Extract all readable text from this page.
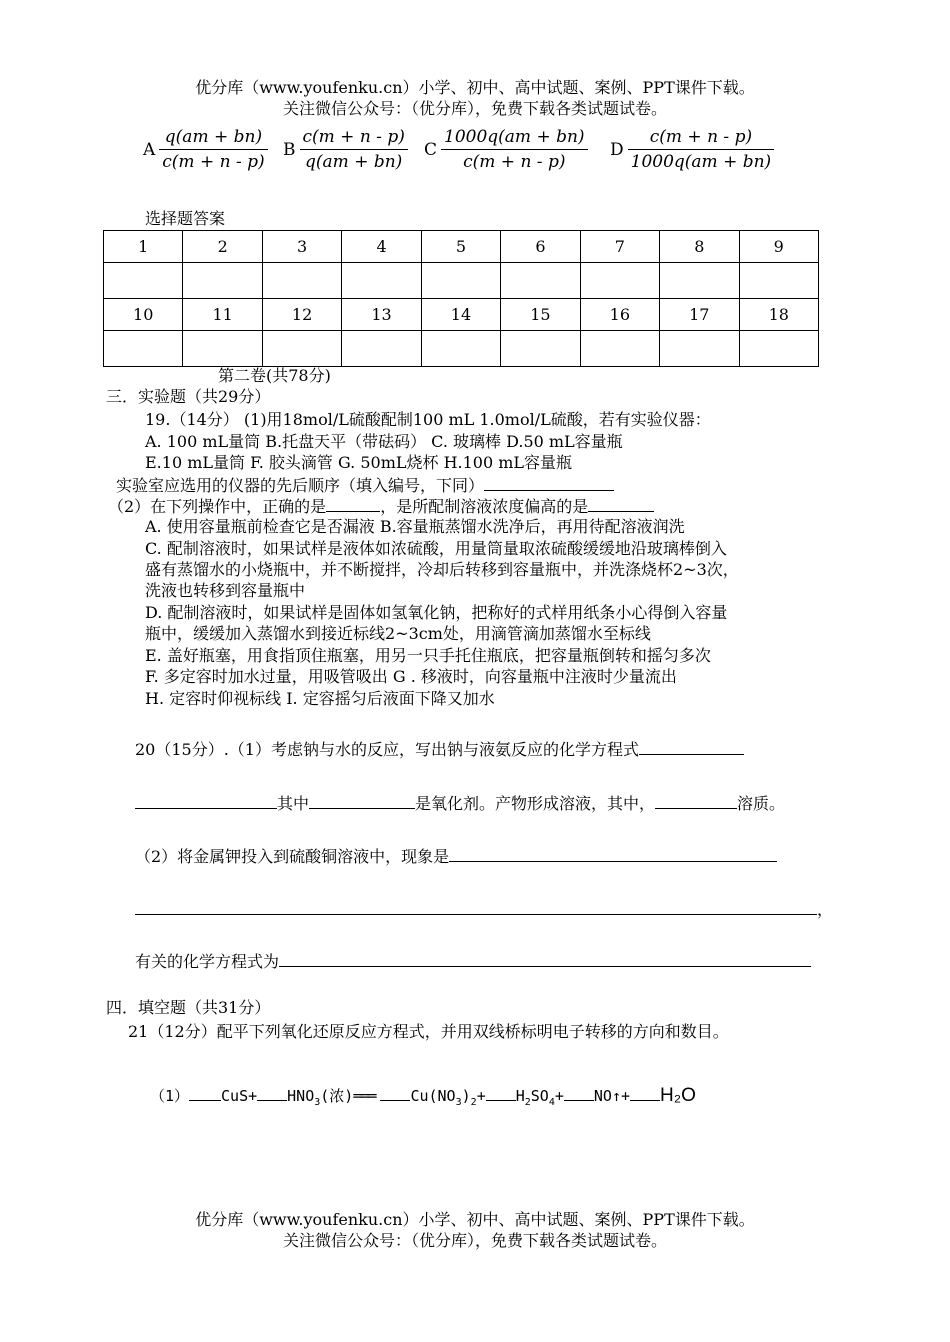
优分库（www.youfenku.cn）小学、初中、高中试题、案例、PPT课件下载。
关注微信公众号：（优分库），免费下载各类试题试卷。
A $\frac{q(am + bn)}{c(m + n - p)}$ B $\frac{c(m + n - p)}{q(am + bn)}$ C $\frac{1000q(am + bn)}{c(m + n - p)}$ D $\frac{c(m + n - p)}{1000q(am + bn)}$
选择题答案
1	2	3	4	5	6	7	8	9

10	11	12	13	14	15	16	17	18

第二卷(共78分)
三．实验题（共29分）
19.（14分） (1)用18mol/L硫酸配制100 mL 1.0mol/L硫酸，若有实验仪器：
A. 100 mL量筒 B.托盘天平（带砝码） C. 玻璃棒 D.50 mL容量瓶
E.10 mL量筒 F. 胶头滴管 G. 50mL烧杯 H.100 mL容量瓶
实验室应选用的仪器的先后顺序（填入编号，下同）
（2）在下列操作中，正确的是	，是所配制溶液浓度偏高的是
A. 使用容量瓶前检查它是否漏液 B.容量瓶蒸馏水洗净后，再用待配溶液润洗
C. 配制溶液时，如果试样是液体如浓硫酸，用量筒量取浓硫酸缓缓地沿玻璃棒倒入
盛有蒸馏水的小烧瓶中，并不断搅拌，冷却后转移到容量瓶中，并洗涤烧杯2~3次，
洗液也转移到容量瓶中
D. 配制溶液时，如果试样是固体如氢氧化钠，把称好的式样用纸条小心得倒入容量
瓶中，缓缓加入蒸馏水到接近标线2~3cm处，用滴管滴加蒸馏水至标线
E. 盖好瓶塞，用食指顶住瓶塞，用另一只手托住瓶底，把容量瓶倒转和摇匀多次
F. 多定容时加水过量，用吸管吸出 G . 移液时，向容量瓶中注液时少量流出
H. 定容时仰视标线 I. 定容摇匀后液面下降又加水
20（15分）.（1）考虑钠与水的反应，写出钠与液氨反应的化学方程式
其中	是氧化剂。产物形成溶液，其中，	溶质。
（2）将金属钾投入到硫酸铜溶液中，现象是
，
有关的化学方程式为
四．填空题（共31分）
21（12分）配平下列氧化还原反应方程式，并用双线桥标明电子转移的方向和数目。
（1） $CuS+ HNO_3$(浓)═══ $Cu(NO_3)_2+ H_2SO_4+$ NO↑+ H₂O
优分库（www.youfenku.cn）小学、初中、高中试题、案例、PPT课件下载。
关注微信公众号：（优分库），免费下载各类试题试卷。
